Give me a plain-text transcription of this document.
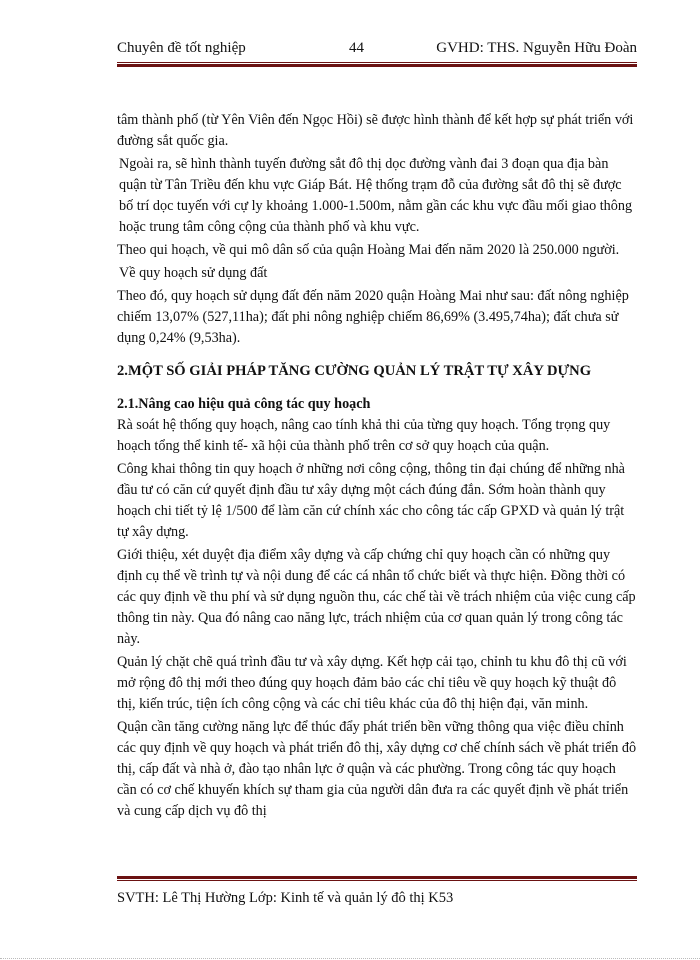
Chuyên đề tốt nghiệp	44	GVHD: THS. Nguyễn Hữu Đoàn

tâm thành phố (từ Yên Viên đến Ngọc Hồi) sẽ được hình thành để kết hợp sự phát triển với đường sắt quốc gia.

Ngoài ra, sẽ hình thành tuyến đường sắt đô thị dọc đường vành đai 3 đoạn qua địa bàn quận từ Tân Triều đến khu vực Giáp Bát. Hệ thống trạm đỗ của đường sắt đô thị sẽ được bố trí dọc tuyến với cự ly khoảng 1.000-1.500m, nằm gần các khu vực đầu mối giao thông hoặc trung tâm công cộng của thành phố và khu vực.

Theo qui hoạch, về qui mô dân số của quận Hoàng Mai đến năm 2020 là 250.000 người.

Về quy hoạch sử dụng đất

Theo đó, quy hoạch sử dụng đất đến năm 2020 quận Hoàng Mai như sau: đất nông nghiệp chiếm 13,07% (527,11ha); đất phi nông nghiệp chiếm 86,69% (3.495,74ha); đất chưa sử dụng 0,24% (9,53ha).

2.MỘT SỐ GIẢI PHÁP TĂNG CƯỜNG QUẢN LÝ TRẬT TỰ XÂY DỰNG

2.1.Nâng cao hiệu quả công tác quy hoạch

Rà soát hệ thống quy hoạch, nâng cao tính khả thi của từng quy hoạch. Tổng trọng quy hoạch tổng thể kinh tế- xã hội của thành phố trên cơ sở quy hoạch của quận.

Công khai thông tin quy hoạch ở những nơi công cộng, thông tin đại chúng để những nhà đầu tư có căn cứ quyết định đầu tư xây dựng một cách đúng đắn. Sớm hoàn thành quy hoạch chi tiết tỷ lệ 1/500 để làm căn cứ chính xác cho công tác cấp GPXD và quản lý trật tự xây dựng.

Giới thiệu, xét duyệt địa điểm xây dựng và cấp chứng chỉ quy hoạch cần có những quy định cụ thể về trình tự và nội dung để các cá nhân tổ chức biết và thực hiện. Đồng thời có các quy định về thu phí và sử dụng nguồn thu, các chế tài về trách nhiệm của việc cung cấp thông tin này. Qua đó nâng cao năng lực, trách nhiệm của cơ quan quản lý trong công tác này.

Quản lý chặt chẽ quá trình đầu tư và xây dựng. Kết hợp cải tạo, chỉnh tu khu đô thị cũ với mở rộng đô thị mới theo đúng quy hoạch đảm bảo các chỉ tiêu về quy hoạch kỹ thuật đô thị, kiến trúc, tiện ích công cộng và các chỉ tiêu khác của đô thị hiện đại, văn minh.

Quận cần tăng cường năng lực để thúc đẩy phát triển bền vững thông qua việc điều chỉnh các quy định về quy hoạch và phát triển đô thị, xây dựng cơ chế chính sách về phát triển đô thị, cấp đất và nhà ở, đào tạo nhân lực ở quận và các phường. Trong công tác quy hoạch cần có cơ chế khuyến khích sự tham gia của người dân đưa ra các quyết định về phát triển và cung cấp dịch vụ đô thị

SVTH: Lê Thị Hường Lớp: Kinh tế và quản lý đô thị K53
